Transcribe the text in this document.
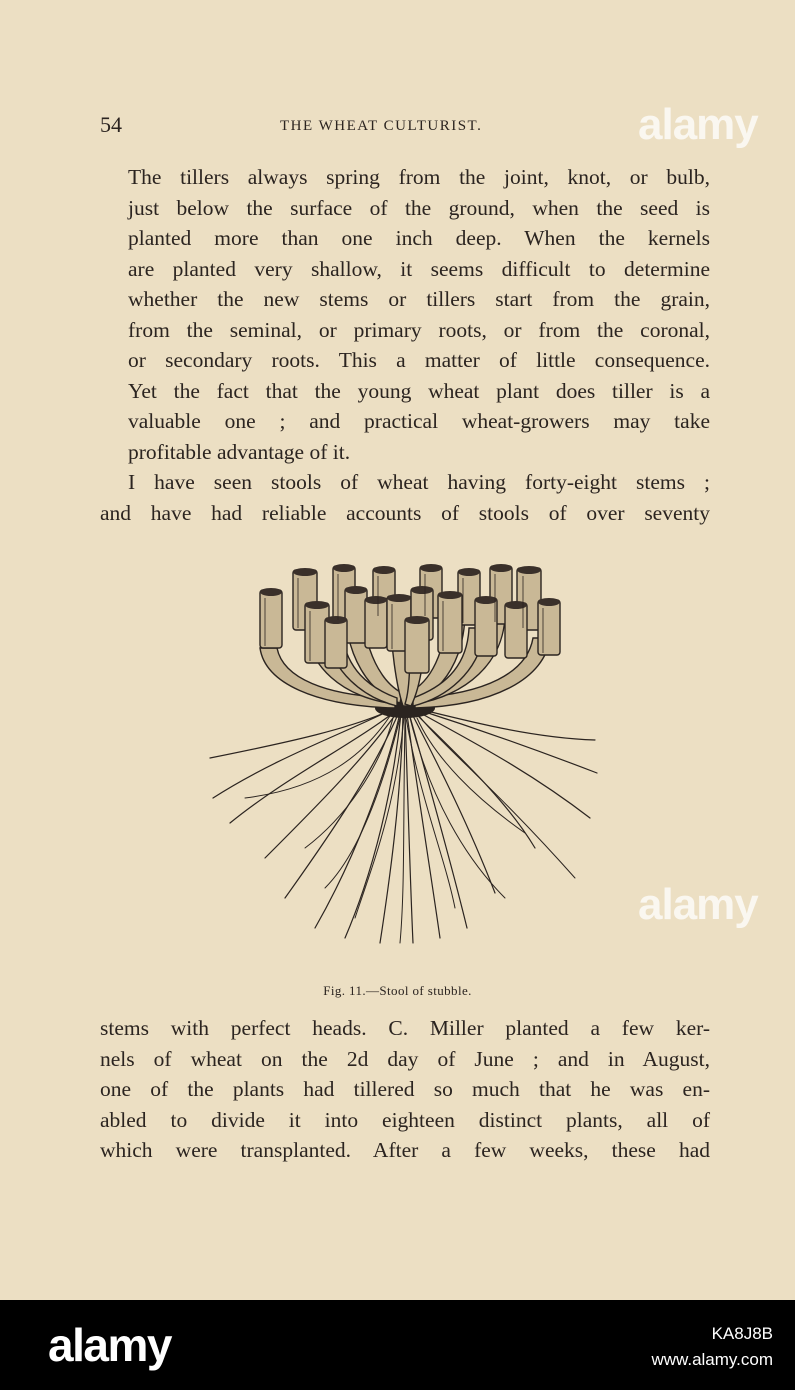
54	THE WHEAT CULTURIST.

The tillers always spring from the joint, knot, or bulb,
just below the surface of the ground, when the seed is
planted more than one inch deep. When the kernels
are planted very shallow, it seems difficult to determine
whether the new stems or tillers start from the grain,
from the seminal, or primary roots, or from the coronal,
or secondary roots. This a matter of little consequence.
Yet the fact that the young wheat plant does tiller is a
valuable one ; and practical wheat-growers may take
profitable advantage of it.

I have seen stools of wheat having forty-eight stems ;
and have had reliable accounts of stools of over seventy

Fig. 11.—Stool of stubble.

stems with perfect heads. C. Miller planted a few ker-
nels of wheat on the 2d day of June ; and in August,
one of the plants had tillered so much that he was en-
abled to divide it into eighteen distinct plants, all of
which were transplanted. After a few weeks, these had

alamy
alamy
alamy	KA8J8B
www.alamy.com
